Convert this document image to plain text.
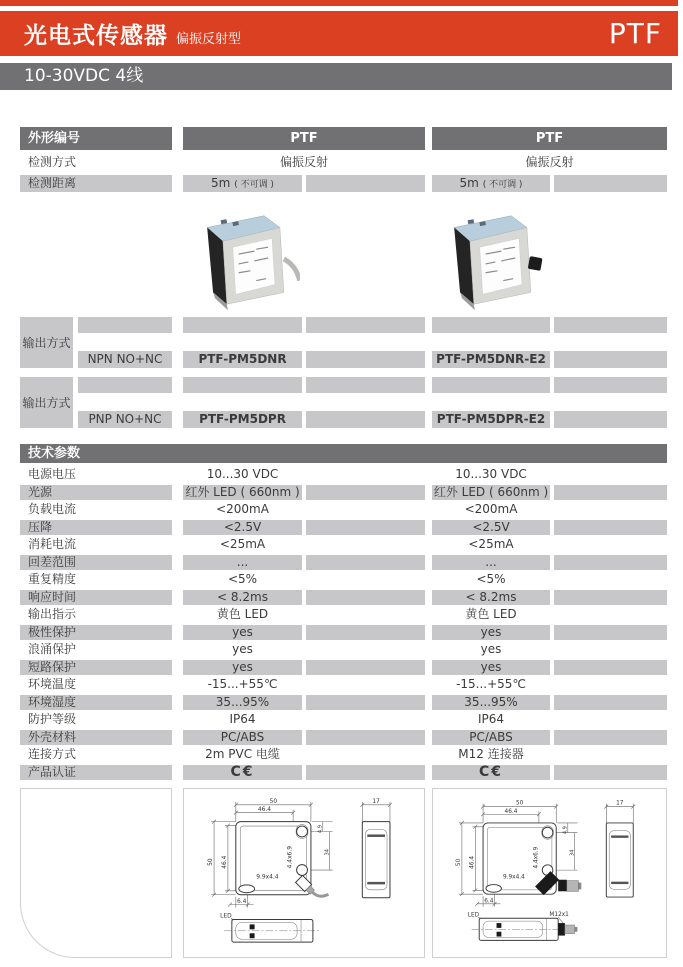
光电式传感器 偏振反射型	PTF
10-30VDC 4线
外形编号	PTF	PTF
检测方式	偏振反射	偏振反射
检测距离	5m ( 不可调 )	5m ( 不可调 )
输出方式
NPN NO+NC	PTF-PM5DNR	PTF-PM5DNR-E2
输出方式
PNP NO+NC	PTF-PM5DPR	PTF-PM5DPR-E2
技术参数
电源电压	10...30 VDC	10...30 VDC
光源	红外 LED ( 660nm )	红外 LED ( 660nm )
负载电流	<200mA	<200mA
压降	<2.5V	<2.5V
消耗电流	<25mA	<25mA
回差范围	...	...
重复精度	<5%	<5%
响应时间	< 8.2ms	< 8.2ms
输出指示	黄色 LED	黄色 LED
极性保护	yes	yes
浪涌保护	yes	yes
短路保护	yes	yes
环境温度	-15...+55℃	-15...+55℃
环境湿度	35...95%	35...95%
防护等级	IP64	IP64
外壳材料	PC/ABS	PC/ABS
连接方式	2m PVC 电缆	M12 连接器
产品认证	C€	C€
50
46.4
50 46.4	4.4x6.9
4.9
34
9.9x4.4
6.4
17
LED
50
46.4
50 46.4	4.4x6.9
4.9
34
9.9x4.4
6.4
17
LED	M12x1
